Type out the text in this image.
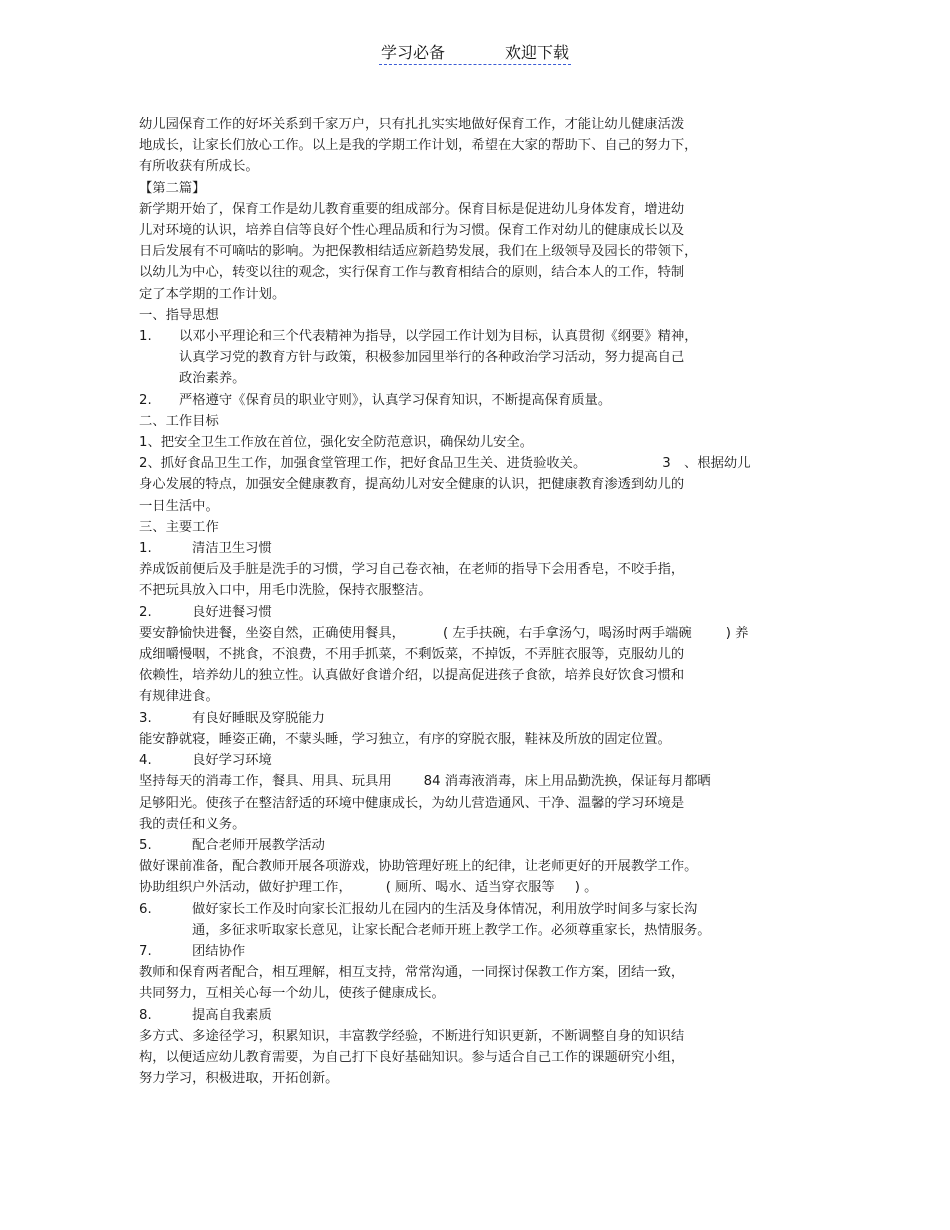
学习必备	欢迎下载
幼儿园保育工作的好坏关系到千家万户，只有扎扎实实地做好保育工作，才能让幼儿健康活泼
地成长，让家长们放心工作。以上是我的学期工作计划，希望在大家的帮助下、自己的努力下，
有所收获有所成长。
【第二篇】
新学期开始了，保育工作是幼儿教育重要的组成部分。保育目标是促进幼儿身体发育，增进幼
儿对环境的认识，培养自信等良好个性心理品质和行为习惯。保育工作对幼儿的健康成长以及
日后发展有不可嘀咕的影响。为把保教相结适应新趋势发展，我们在上级领导及园长的带领下，
以幼儿为中心，转变以往的观念，实行保育工作与教育相结合的原则，结合本人的工作，特制
定了本学期的工作计划。
一、指导思想
1.	以邓小平理论和三个代表精神为指导，以学园工作计划为目标，认真贯彻《纲要》精神，
认真学习党的教育方针与政策，积极参加园里举行的各种政治学习活动，努力提高自己
政治素养。
2.	严格遵守《保育员的职业守则》，认真学习保育知识，不断提高保育质量。
二、工作目标
1、把安全卫生工作放在首位，强化安全防范意识，确保幼儿安全。
2、抓好食品卫生工作，加强食堂管理工作，把好食品卫生关、进货验收关。	3　、根据幼儿
身心发展的特点，加强安全健康教育，提高幼儿对安全健康的认识，把健康教育渗透到幼儿的
一日生活中。
三、主要工作
1.	清洁卫生习惯
养成饭前便后及手脏是洗手的习惯，学习自己卷衣袖，在老师的指导下会用香皂，不咬手指，
不把玩具放入口中，用毛巾洗脸，保持衣服整洁。
2.	良好进餐习惯
要安静愉快进餐，坐姿自然，正确使用餐具，	( 左手扶碗，右手拿汤勺，喝汤时两手端碗	) 养
成细嚼慢咽，不挑食，不浪费，不用手抓菜，不剩饭菜，不掉饭，不弄脏衣服等，克服幼儿的
依赖性，培养幼儿的独立性。认真做好食谱介绍，以提高促进孩子食欲，培养良好饮食习惯和
有规律进食。
3.	有良好睡眠及穿脱能力
能安静就寝，睡姿正确，不蒙头睡，学习独立，有序的穿脱衣服，鞋袜及所放的固定位置。
4.	良好学习环境
坚持每天的消毒工作，餐具、用具、玩具用 84 消毒液消毒，床上用品勤洗换，保证每月都晒
足够阳光。使孩子在整洁舒适的环境中健康成长，为幼儿营造通风、干净、温馨的学习环境是
我的责任和义务。
5.	配合老师开展教学活动
做好课前准备，配合教师开展各项游戏，协助管理好班上的纪律，让老师更好的开展教学工作。
协助组织户外活动，做好护理工作，	( 厕所、喝水、适当穿衣服等 ) 。
6.	做好家长工作及时向家长汇报幼儿在园内的生活及身体情况，利用放学时间多与家长沟
通，多征求听取家长意见，让家长配合老师开班上教学工作。必须尊重家长，热情服务。
7.	团结协作
教师和保育两者配合，相互理解，相互支持，常常沟通，一同探讨保教工作方案，团结一致，
共同努力，互相关心每一个幼儿，使孩子健康成长。
8.	提高自我素质
多方式、多途径学习，积累知识，丰富教学经验，不断进行知识更新，不断调整自身的知识结
构，以便适应幼儿教育需要，为自己打下良好基础知识。参与适合自己工作的课题研究小组，
努力学习，积极进取，开拓创新。
